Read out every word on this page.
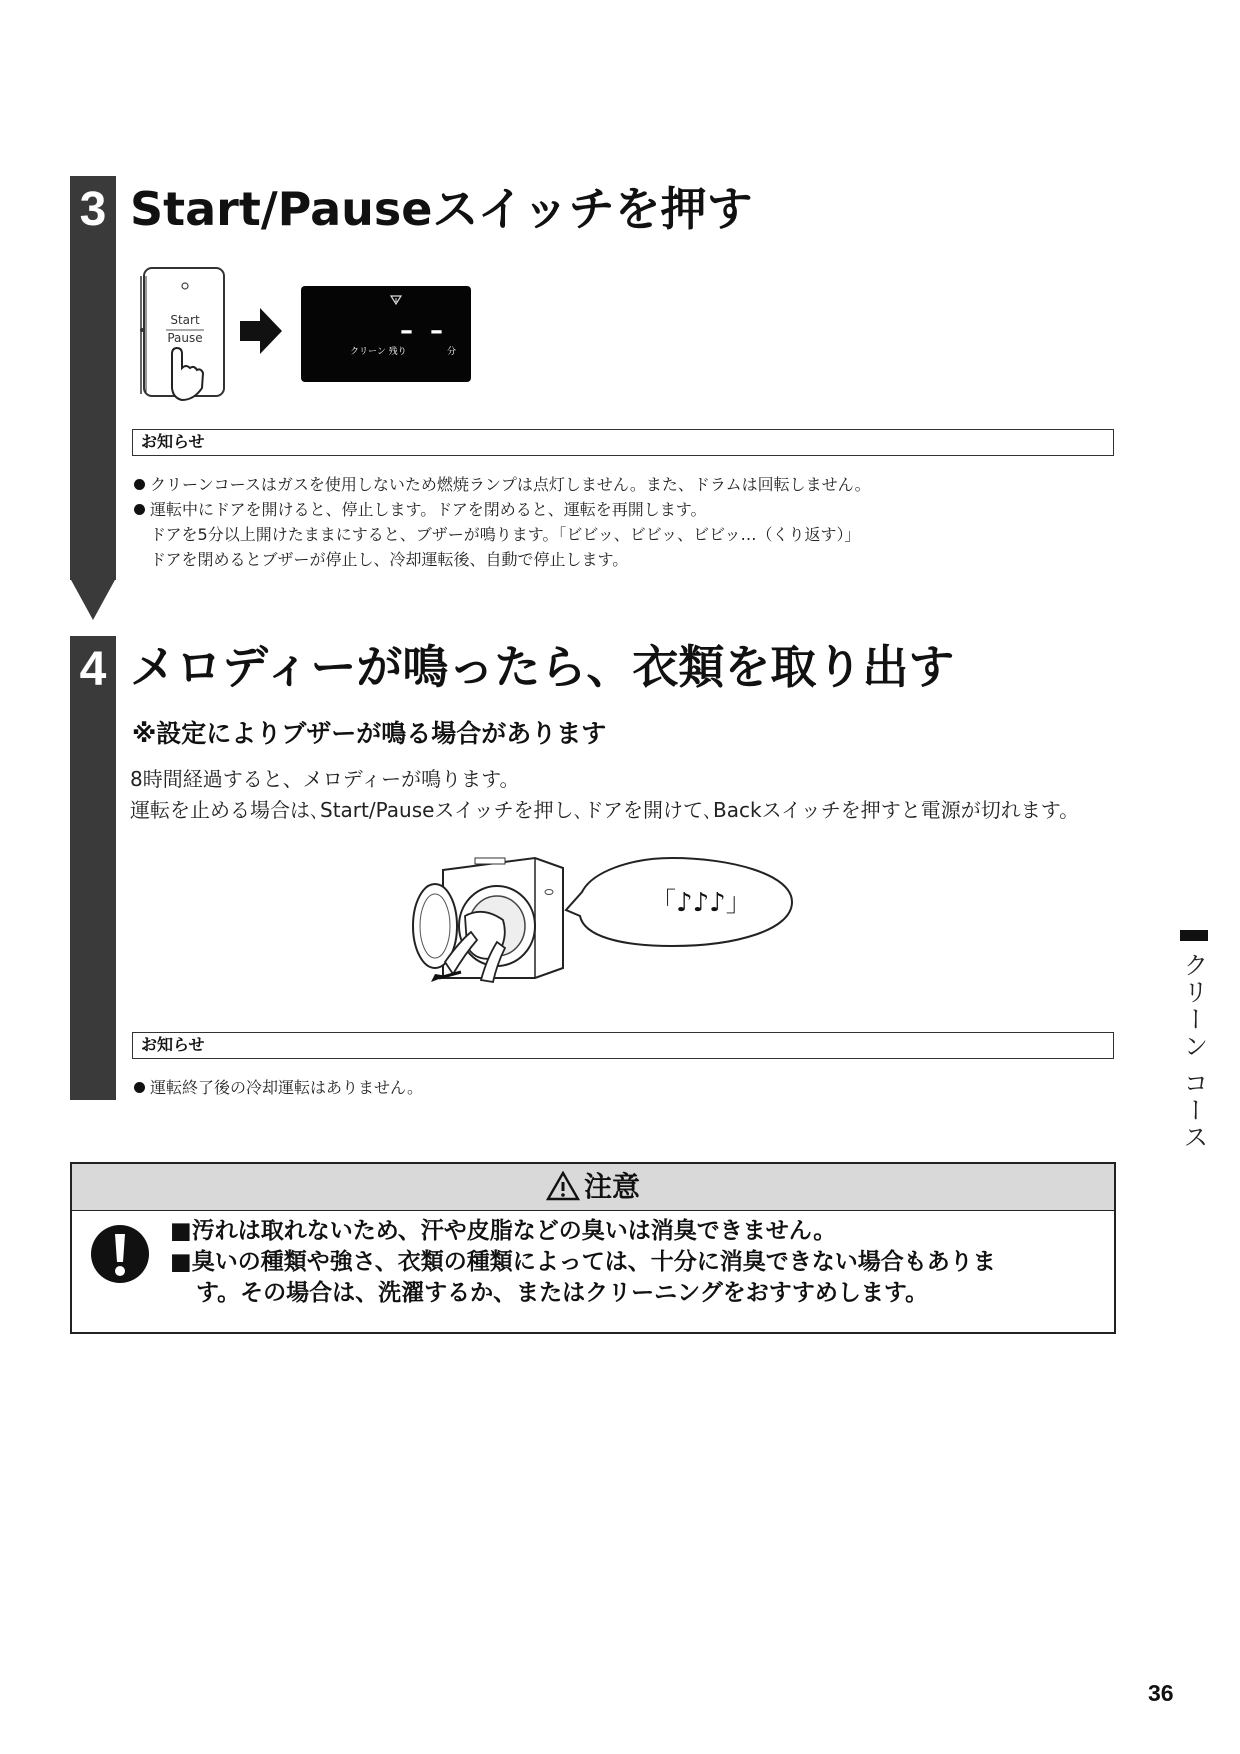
3 Start/Pauseスイッチを押す
Start
Pause	– –
クリーン 残り	分
お知らせ
クリーンコースはガスを使用しないため燃焼ランプは点灯しません。また、ドラムは回転しません。
運転中にドアを開けると、停止します。ドアを閉めると、運転を再開します。
ドアを5分以上開けたままにすると、ブザーが鳴ります。「ビビッ、ビビッ、ビビッ…（くり返す）」
ドアを閉めるとブザーが停止し、冷却運転後、自動で停止します。
4 メロディーが鳴ったら、衣類を取り出す
※設定によりブザーが鳴る場合があります
8時間経過すると、メロディーが鳴ります。
運転を止める場合は､Start/Pauseスイッチを押し､ドアを開けて､Backスイッチを押すと電源が切れます。
「♪♪♪」
お知らせ
運転終了後の冷却運転はありません。
注意
■汚れは取れないため、汗や皮脂などの臭いは消臭できません。
■臭いの種類や強さ、衣類の種類によっては、十分に消臭できない場合もありま
す。その場合は、洗濯するか、またはクリーニングをおすすめします。
クリーン コース
36
